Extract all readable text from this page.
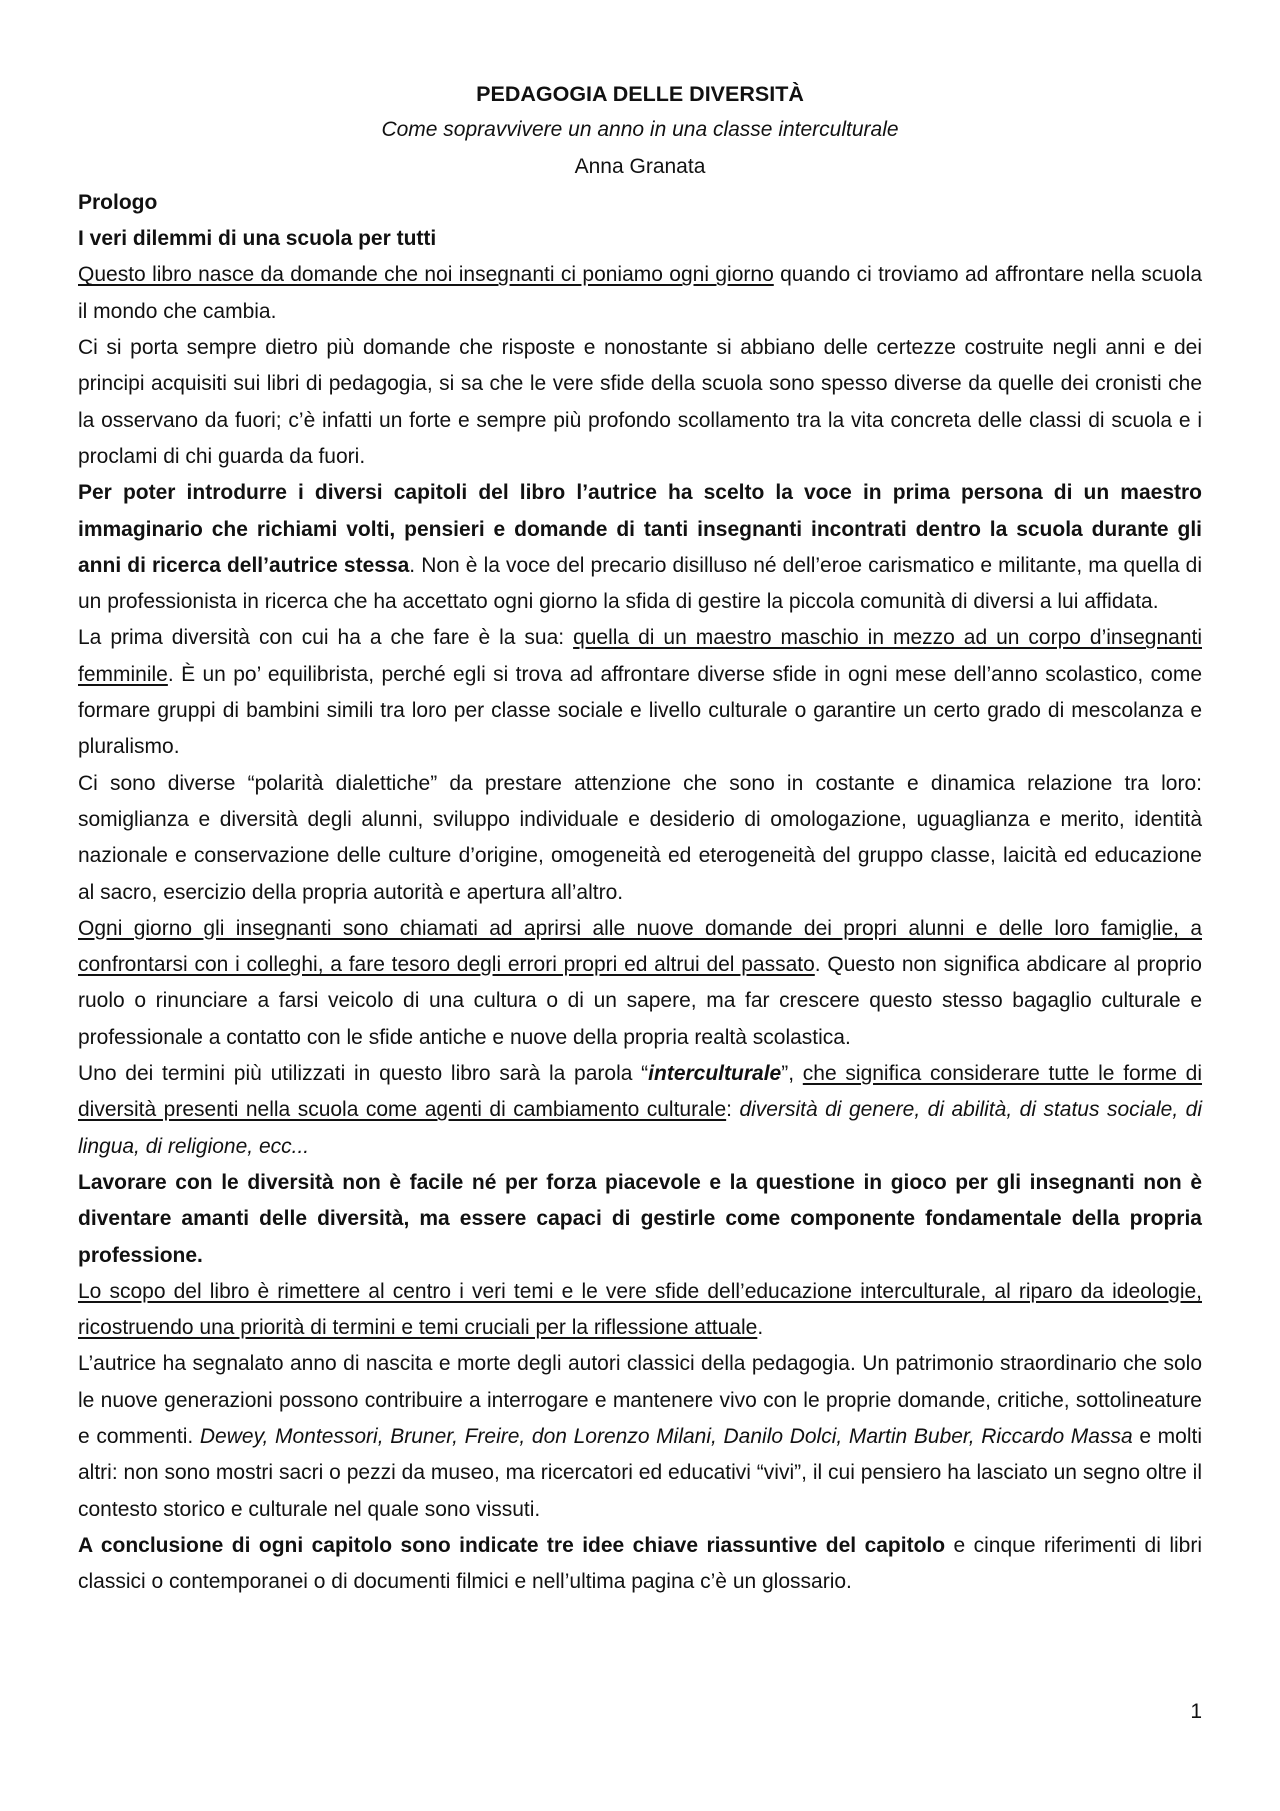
PEDAGOGIA DELLE DIVERSITÀ
Come sopravvivere un anno in una classe interculturale
Anna Granata
Prologo
I veri dilemmi di una scuola per tutti

Questo libro nasce da domande che noi insegnanti ci poniamo ogni giorno quando ci troviamo ad affrontare nella scuola il mondo che cambia.

Ci si porta sempre dietro più domande che risposte e nonostante si abbiano delle certezze costruite negli anni e dei principi acquisiti sui libri di pedagogia, si sa che le vere sfide della scuola sono spesso diverse da quelle dei cronisti che la osservano da fuori; c’è infatti un forte e sempre più profondo scollamento tra la vita concreta delle classi di scuola e i proclami di chi guarda da fuori.

Per poter introdurre i diversi capitoli del libro l’autrice ha scelto la voce in prima persona di un maestro immaginario che richiami volti, pensieri e domande di tanti insegnanti incontrati dentro la scuola durante gli anni di ricerca dell’autrice stessa. Non è la voce del precario disilluso né dell’eroe carismatico e militante, ma quella di un professionista in ricerca che ha accettato ogni giorno la sfida di gestire la piccola comunità di diversi a lui affidata.

La prima diversità con cui ha a che fare è la sua: quella di un maestro maschio in mezzo ad un corpo d’insegnanti femminile. È un po’ equilibrista, perché egli si trova ad affrontare diverse sfide in ogni mese dell’anno scolastico, come formare gruppi di bambini simili tra loro per classe sociale e livello culturale o garantire un certo grado di mescolanza e pluralismo.

Ci sono diverse “polarità dialettiche” da prestare attenzione che sono in costante e dinamica relazione tra loro: somiglianza e diversità degli alunni, sviluppo individuale e desiderio di omologazione, uguaglianza e merito, identità nazionale e conservazione delle culture d’origine, omogeneità ed eterogeneità del gruppo classe, laicità ed educazione al sacro, esercizio della propria autorità e apertura all’altro.

Ogni giorno gli insegnanti sono chiamati ad aprirsi alle nuove domande dei propri alunni e delle loro famiglie, a confrontarsi con i colleghi, a fare tesoro degli errori propri ed altrui del passato. Questo non significa abdicare al proprio ruolo o rinunciare a farsi veicolo di una cultura o di un sapere, ma far crescere questo stesso bagaglio culturale e professionale a contatto con le sfide antiche e nuove della propria realtà scolastica.

Uno dei termini più utilizzati in questo libro sarà la parola “interculturale”, che significa considerare tutte le forme di diversità presenti nella scuola come agenti di cambiamento culturale: diversità di genere, di abilità, di status sociale, di lingua, di religione, ecc...

Lavorare con le diversità non è facile né per forza piacevole e la questione in gioco per gli insegnanti non è diventare amanti delle diversità, ma essere capaci di gestirle come componente fondamentale della propria professione.

Lo scopo del libro è rimettere al centro i veri temi e le vere sfide dell’educazione interculturale, al riparo da ideologie, ricostruendo una priorità di termini e temi cruciali per la riflessione attuale.

L’autrice ha segnalato anno di nascita e morte degli autori classici della pedagogia. Un patrimonio straordinario che solo le nuove generazioni possono contribuire a interrogare e mantenere vivo con le proprie domande, critiche, sottolineature e commenti. Dewey, Montessori, Bruner, Freire, don Lorenzo Milani, Danilo Dolci, Martin Buber, Riccardo Massa e molti altri: non sono mostri sacri o pezzi da museo, ma ricercatori ed educativi “vivi”, il cui pensiero ha lasciato un segno oltre il contesto storico e culturale nel quale sono vissuti.

A conclusione di ogni capitolo sono indicate tre idee chiave riassuntive del capitolo e cinque riferimenti di libri classici o contemporanei o di documenti filmici e nell’ultima pagina c’è un glossario.

1
